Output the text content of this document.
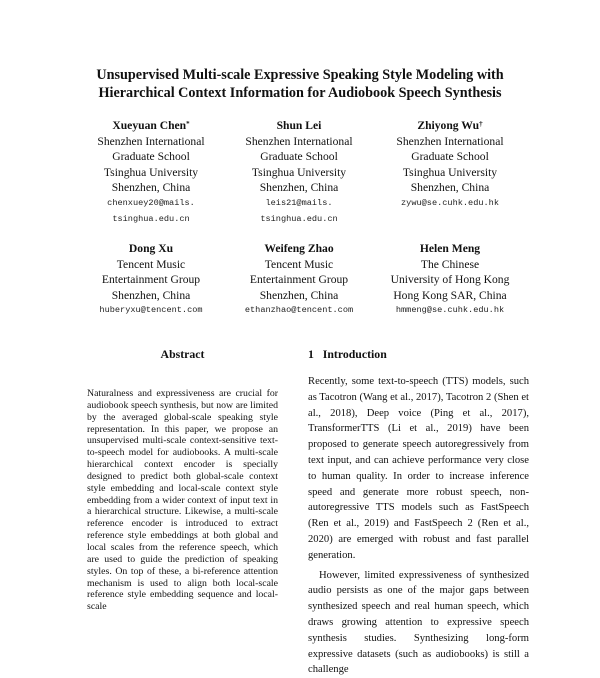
Unsupervised Multi-scale Expressive Speaking Style Modeling with
Hierarchical Context Information for Audiobook Speech Synthesis
Xueyuan Chen*
Shenzhen International
Graduate School
Tsinghua University
Shenzhen, China
chenxuey20@mails.
tsinghua.edu.cn
Shun Lei
Shenzhen International
Graduate School
Tsinghua University
Shenzhen, China
leis21@mails.
tsinghua.edu.cn
Zhiyong Wu†
Shenzhen International
Graduate School
Tsinghua University
Shenzhen, China
zywu@se.cuhk.edu.hk
Dong Xu
Tencent Music
Entertainment Group
Shenzhen, China
huberyxu@tencent.com
Weifeng Zhao
Tencent Music
Entertainment Group
Shenzhen, China
ethanzhao@tencent.com
Helen Meng
The Chinese
University of Hong Kong
Hong Kong SAR, China
hmmeng@se.cuhk.edu.hk
Abstract	1   Introduction

Naturalness and expressiveness are crucial for audiobook speech synthesis, but now are limited by the averaged global-scale speaking style representation. In this paper, we propose an unsupervised multi-scale context-sensitive text-to-speech model for audiobooks. A multi-scale hierarchical context encoder is specially designed to predict both global-scale context style embedding and local-scale context style embedding from a wider context of input text in a hierarchical structure. Likewise, a multi-scale reference encoder is introduced to extract reference style embeddings at both global and local scales from the reference speech, which are used to guide the prediction of speaking styles. On top of these, a bi-reference attention mechanism is used to align both local-scale reference style embedding sequence and local-scale

Recently, some text-to-speech (TTS) models, such as Tacotron (Wang et al., 2017), Tacotron 2 (Shen et al., 2018), Deep voice (Ping et al., 2017), TransformerTTS (Li et al., 2019) have been proposed to generate speech autoregressively from text input, and can achieve performance very close to human quality. In order to increase inference speed and generate more robust speech, non-autoregressive TTS models such as FastSpeech (Ren et al., 2019) and FastSpeech 2 (Ren et al., 2020) are emerged with robust and fast parallel generation.

However, limited expressiveness of synthesized audio persists as one of the major gaps between synthesized speech and real human speech, which draws growing attention to expressive speech synthesis studies. Synthesizing long-form expressive datasets (such as audiobooks) is still a challenge
